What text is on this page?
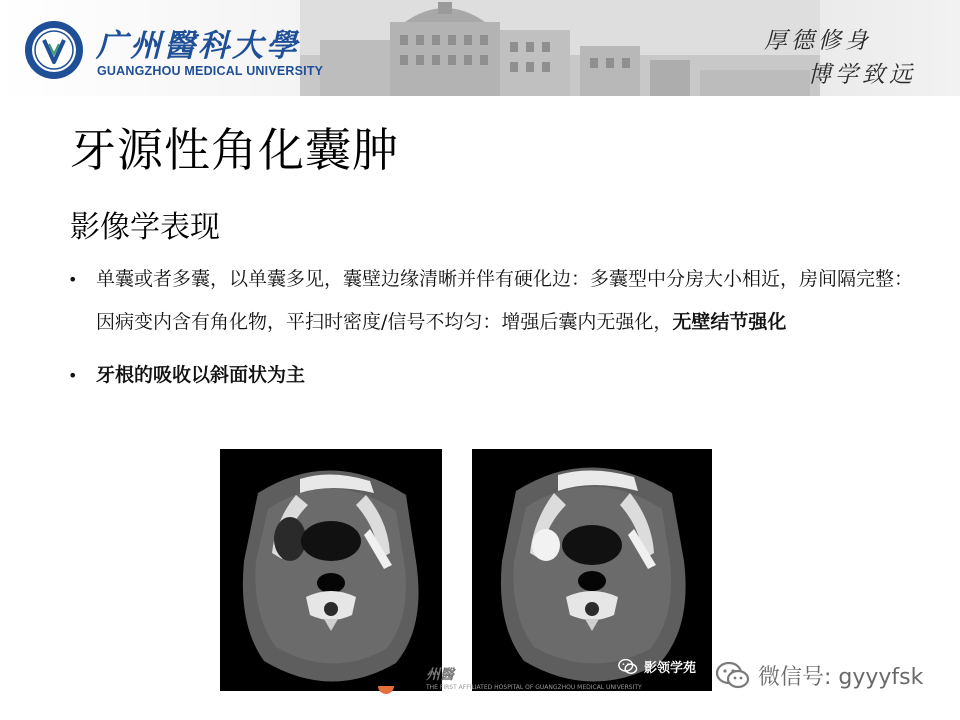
广州醫科大學
GUANGZHOU MEDICAL UNIVERSITY
厚德修身
博学致远
牙源性角化囊肿
影像学表现
• 单囊或者多囊，以单囊多见，囊壁边缘清晰并伴有硬化边：多囊型中分房大小相近，房间隔完整：因病变内含有角化物，平扫时密度/信号不均匀：增强后囊内无强化，无壁结节强化
• 牙根的吸收以斜面状为主
州醫
THE FIRST AFFILIATED HOSPITAL OF GUANGZHOU MEDICAL UNIVERSITY
影领学苑	微信号: gyyyfsk
